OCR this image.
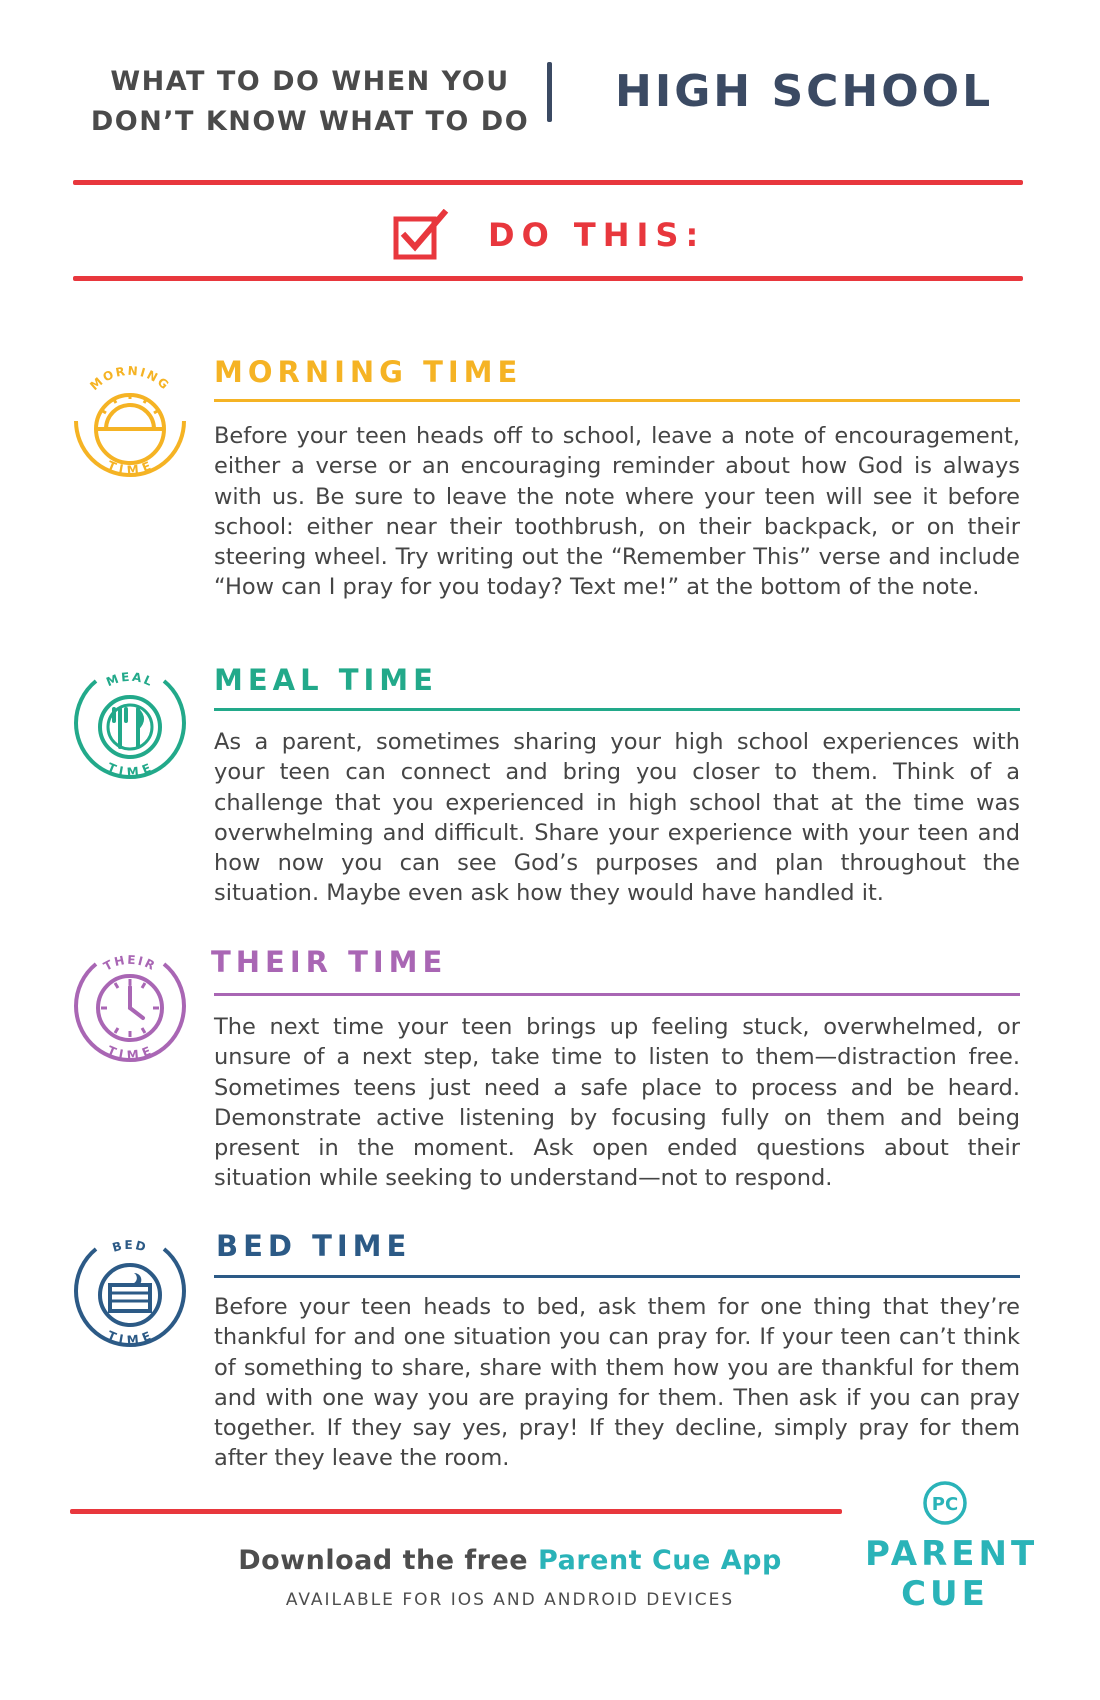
WHAT TO DO WHEN YOU
DON’T KNOW WHAT TO DO
HIGH SCHOOL
DO THIS:
MORNING
TIME
MORNING TIME
Before your teen heads off to school, leave a note of encouragement, either a verse or an encouraging reminder about how God is always with us. Be sure to leave the note where your teen will see it before school: either near their toothbrush, on their backpack, or on their steering wheel. Try writing out the “Remember This” verse and include “How can I pray for you today? Text me!” at the bottom of the note.
MEAL
TIME
MEAL TIME
As a parent, sometimes sharing your high school experiences with your teen can connect and bring you closer to them. Think of a challenge that you experienced in high school that at the time was overwhelming and difficult. Share your experience with your teen and how now you can see God’s purposes and plan throughout the situation. Maybe even ask how they would have handled it.
THEIR
TIME
THEIR TIME
The next time your teen brings up feeling stuck, overwhelmed, or unsure of a next step, take time to listen to them—distraction free. Sometimes teens just need a safe place to process and be heard. Demonstrate active listening by focusing fully on them and being present in the moment. Ask open ended questions about their situation while seeking to understand—not to respond.
BED
TIME
BED TIME
Before your teen heads to bed, ask them for one thing that they’re thankful for and one situation you can pray for. If your teen can’t think of something to share, share with them how you are thankful for them and with one way you are praying for them. Then ask if you can pray together. If they say yes, pray! If they decline, simply pray for them after they leave the room.
Download the free Parent Cue App
AVAILABLE FOR IOS AND ANDROID DEVICES
PC
PARENT
CUE
